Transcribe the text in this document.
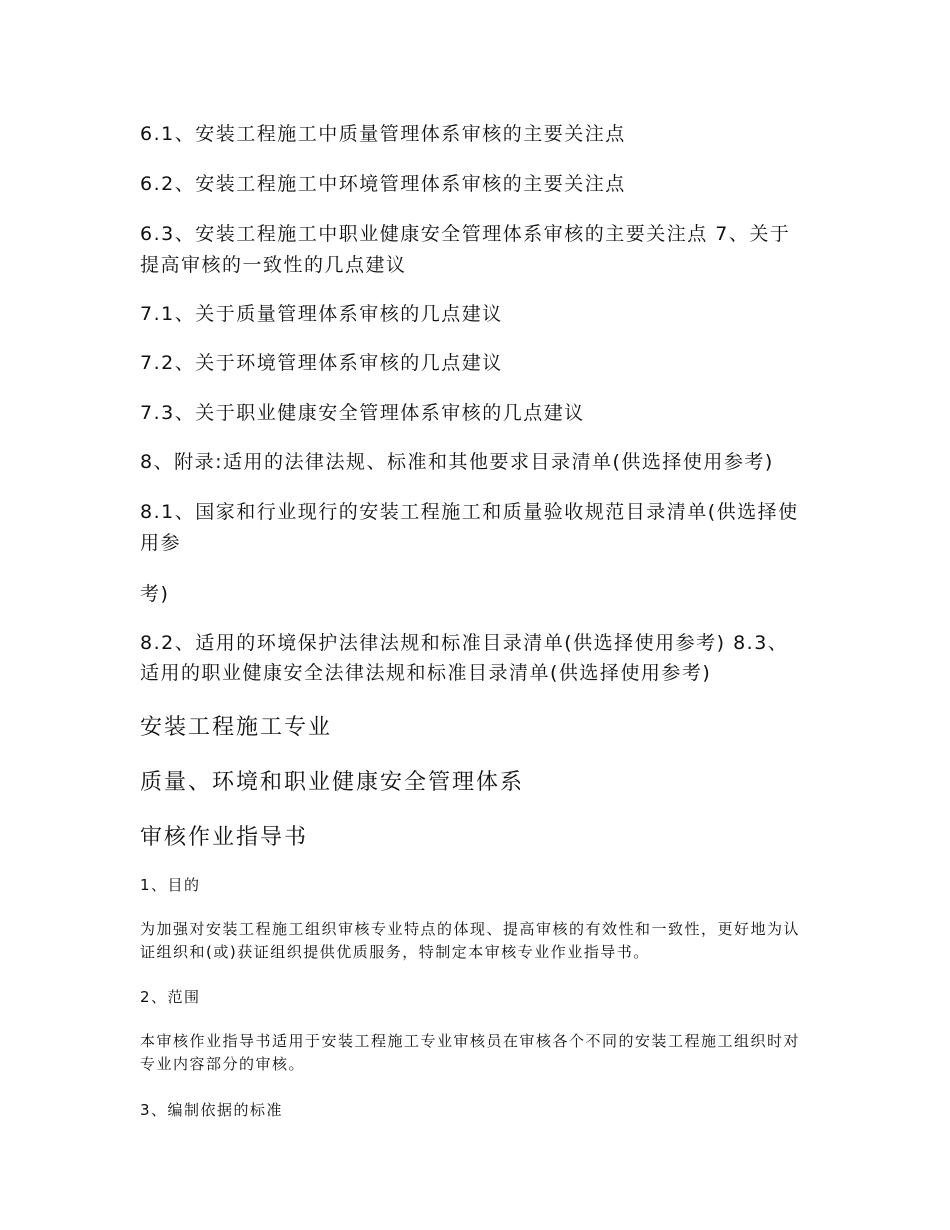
6.1、安装工程施工中质量管理体系审核的主要关注点
6.2、安装工程施工中环境管理体系审核的主要关注点
6.3、安装工程施工中职业健康安全管理体系审核的主要关注点 7、关于
提高审核的一致性的几点建议
7.1、关于质量管理体系审核的几点建议
7.2、关于环境管理体系审核的几点建议
7.3、关于职业健康安全管理体系审核的几点建议
8、附录:适用的法律法规、标准和其他要求目录清单(供选择使用参考)
8.1、国家和行业现行的安装工程施工和质量验收规范目录清单(供选择使
用参
考)
8.2、适用的环境保护法律法规和标准目录清单(供选择使用参考) 8.3、
适用的职业健康安全法律法规和标准目录清单(供选择使用参考)
安装工程施工专业
质量、环境和职业健康安全管理体系
审核作业指导书
1、目的
为加强对安装工程施工组织审核专业特点的体现、提高审核的有效性和一致性，更好地为认
证组织和(或)获证组织提供优质服务，特制定本审核专业作业指导书。
2、范围
本审核作业指导书适用于安装工程施工专业审核员在审核各个不同的安装工程施工组织时对
专业内容部分的审核。
3、编制依据的标准
